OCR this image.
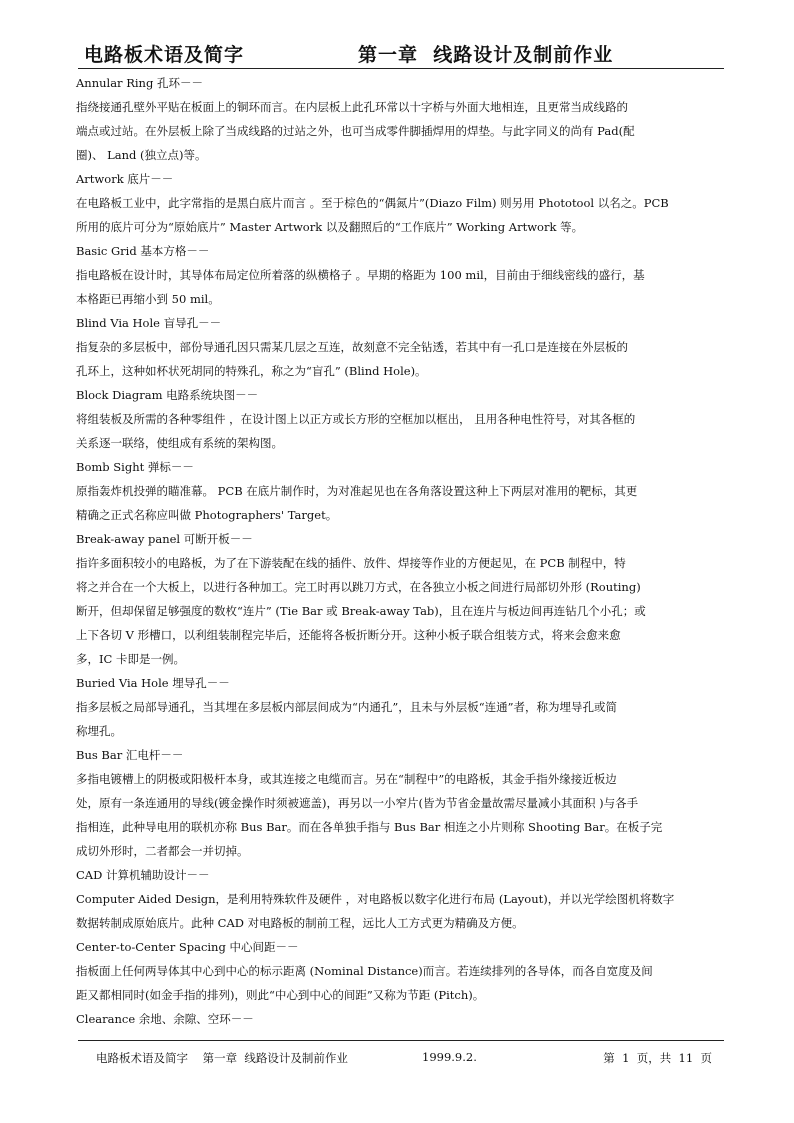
电路板术语及简字	第一章  线路设计及制前作业
Annular Ring 孔环－－
指绕接通孔壁外平贴在板面上的铜环而言。在内层板上此孔环常以十字桥与外面大地相连，且更常当成线路的
端点或过站。在外层板上除了当成线路的过站之外，也可当成零件脚插焊用的焊垫。与此字同义的尚有 Pad(配
圈)、 Land (独立点)等。
Artwork 底片－－
在电路板工业中，此字常指的是黑白底片而言 。至于棕色的“偶氮片”(Diazo Film) 则另用 Phototool 以名之。PCB
所用的底片可分为“原始底片” Master Artwork 以及翻照后的“工作底片” Working Artwork 等。
Basic Grid 基本方格－－
指电路板在设计时，其导体布局定位所着落的纵横格子 。早期的格距为 100 mil，目前由于细线密线的盛行，基
本格距已再缩小到 50 mil。
Blind Via Hole 盲导孔－－
指复杂的多层板中，部份导通孔因只需某几层之互连，故刻意不完全钻透，若其中有一孔口是连接在外层板的
孔环上，这种如杯状死胡同的特殊孔，称之为“盲孔” (Blind Hole)。
Block Diagram 电路系统块图－－
将组装板及所需的各种零组件 ，在设计图上以正方或长方形的空框加以框出， 且用各种电性符号，对其各框的
关系逐一联络，使组成有系统的架构图。
Bomb Sight 弹标－－
原指轰炸机投弹的瞄准幕。 PCB 在底片制作时，为对准起见也在各角落设置这种上下两层对准用的靶标，其更
精确之正式名称应叫做 Photographers' Target。
Break-away panel 可断开板－－
指许多面积较小的电路板，为了在下游装配在线的插件、放件、焊接等作业的方便起见，在 PCB 制程中，特
将之并合在一个大板上，以进行各种加工。完工时再以跳刀方式，在各独立小板之间进行局部切外形 (Routing)
断开，但却保留足够强度的数枚“连片” (Tie Bar 或 Break-away Tab)，且在连片与板边间再连钻几个小孔；或
上下各切 V 形槽口，以利组装制程完毕后，还能将各板折断分开。这种小板子联合组装方式，将来会愈来愈
多，IC 卡即是一例。
Buried Via Hole 埋导孔－－
指多层板之局部导通孔，当其埋在多层板内部层间成为“内通孔”，且未与外层板“连通”者，称为埋导孔或简
称埋孔。
Bus Bar 汇电杆－－
多指电镀槽上的阴极或阳极杆本身，或其连接之电缆而言。另在“制程中”的电路板，其金手指外缘接近板边
处，原有一条连通用的导线(镀金操作时须被遮盖)，再另以一小窄片(皆为节省金量故需尽量减小其面积 )与各手
指相连，此种导电用的联机亦称 Bus Bar。而在各单独手指与 Bus Bar 相连之小片则称 Shooting Bar。在板子完
成切外形时，二者都会一并切掉。
CAD 计算机辅助设计－－
Computer Aided Design，是利用特殊软件及硬件 ，对电路板以数字化进行布局 (Layout)，并以光学绘图机将数字
数据转制成原始底片。此种 CAD 对电路板的制前工程，远比人工方式更为精确及方便。
Center-to-Center Spacing 中心间距－－
指板面上任何两导体其中心到中心的标示距离 (Nominal Distance)而言。若连续排列的各导体，而各自宽度及间
距又都相同时(如金手指的排列)，则此“中心到中心的间距”又称为节距 (Pitch)。
Clearance 余地、余隙、空环－－
电路板术语及简字    第一章  线路设计及制前作业	1999.9.2.	第  1  页，共  11  页
